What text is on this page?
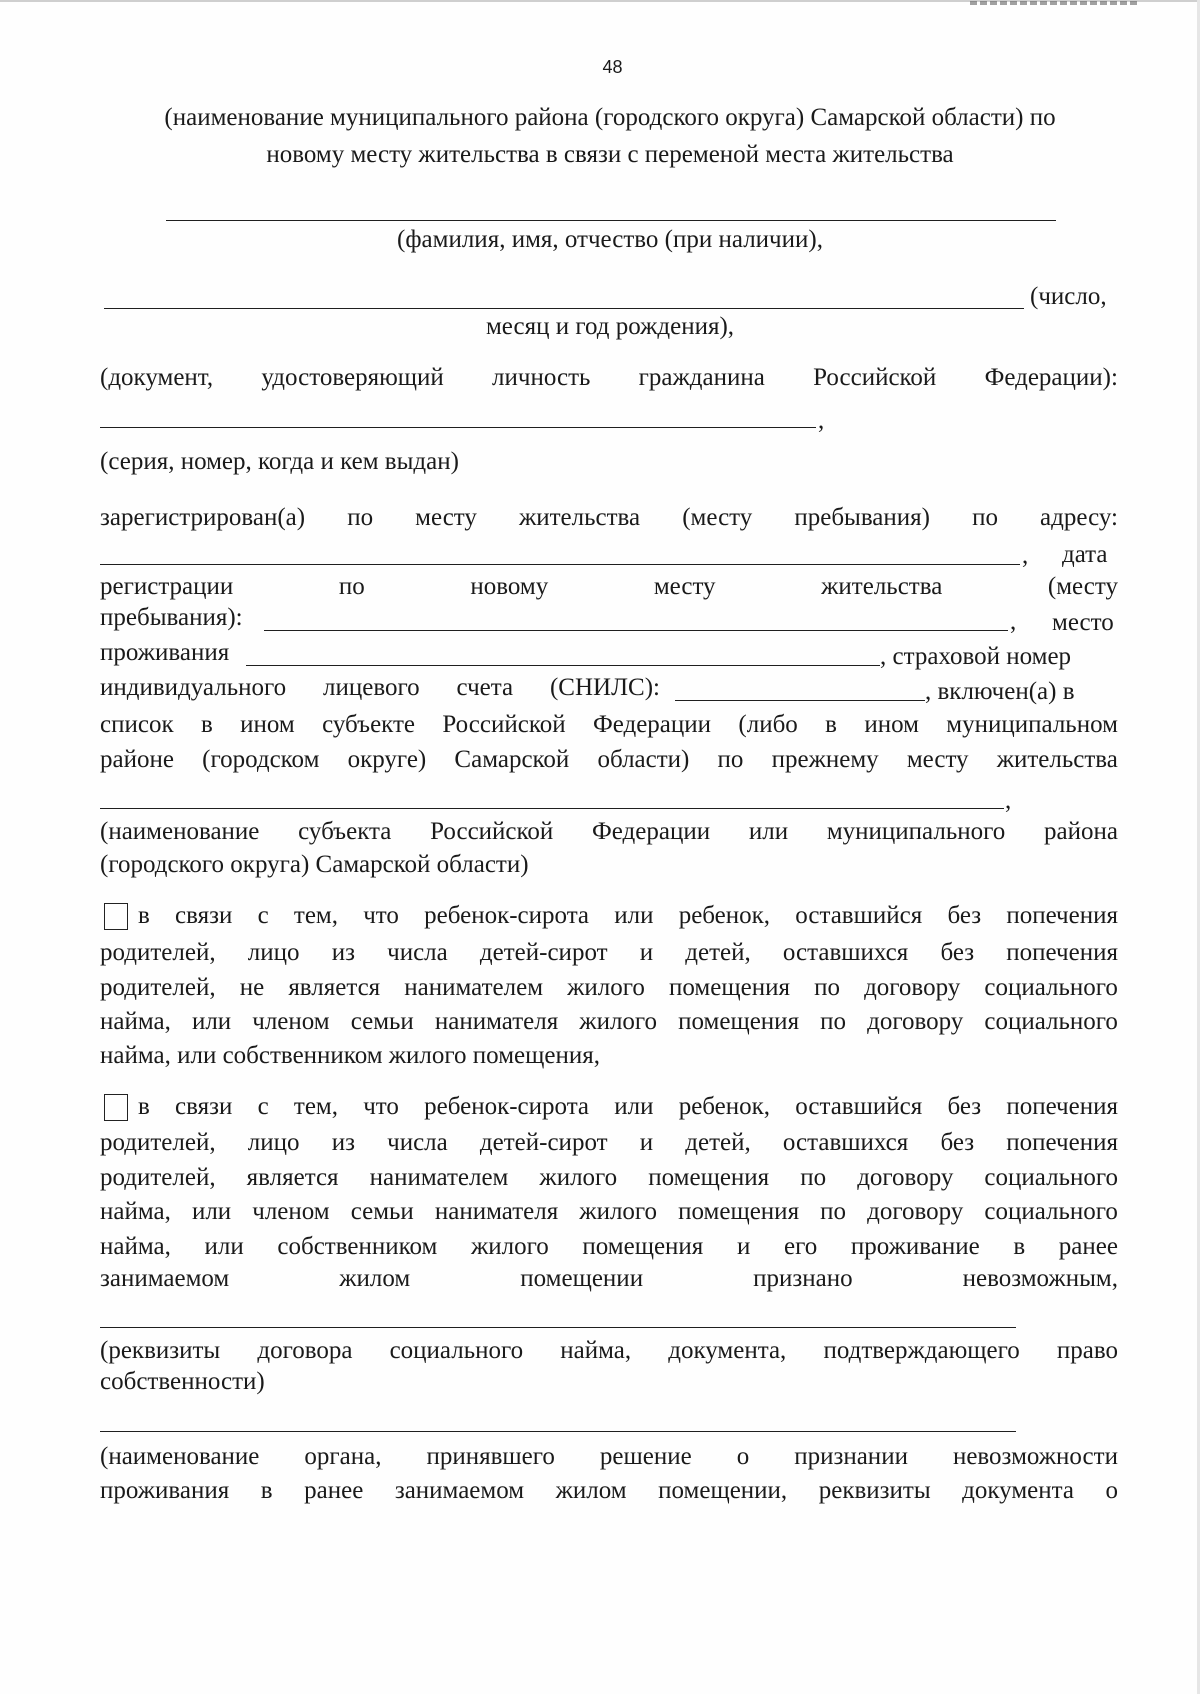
48
(наименование муниципального района (городского округа) Самарской области) по
новому месту жительства в связи с переменой места жительства
(фамилия, имя, отчество (при наличии),
(число,
месяц и год рождения),
(документ, удостоверяющий личность гражданина Российской Федерации):
,
(серия, номер, когда и кем выдан)
зарегистрирован(а) по месту жительства (месту пребывания) по адресу:
, дата
регистрации	по	новому	месту	жительства	(месту
пребывания):	, место
проживания	, страховой номер
индивидуального лицевого счета (СНИЛС):	, включен(а) в
список в ином субъекте Российской Федерации (либо в ином муниципальном
районе (городском округе) Самарской области) по прежнему месту жительства
,
(наименование субъекта Российской Федерации или муниципального района
(городского округа) Самарской области)
в связи с тем, что ребенок-сирота или ребенок, оставшийся без попечения
родителей, лицо из числа детей-сирот и детей, оставшихся без попечения
родителей, не является нанимателем жилого помещения по договору социального
найма, или членом семьи нанимателя жилого помещения по договору социального
найма, или собственником жилого помещения,
в связи с тем, что ребенок-сирота или ребенок, оставшийся без попечения
родителей, лицо из числа детей-сирот и детей, оставшихся без попечения
родителей, является нанимателем жилого помещения по договору социального
найма, или членом семьи нанимателя жилого помещения по договору социального
найма, или собственником жилого помещения и его проживание в ранее
занимаемом	жилом	помещении	признано	невозможным,
(реквизиты договора социального найма, документа, подтверждающего право
собственности)
(наименование органа, принявшего решение о признании невозможности
проживания в ранее занимаемом жилом помещении, реквизиты документа о
